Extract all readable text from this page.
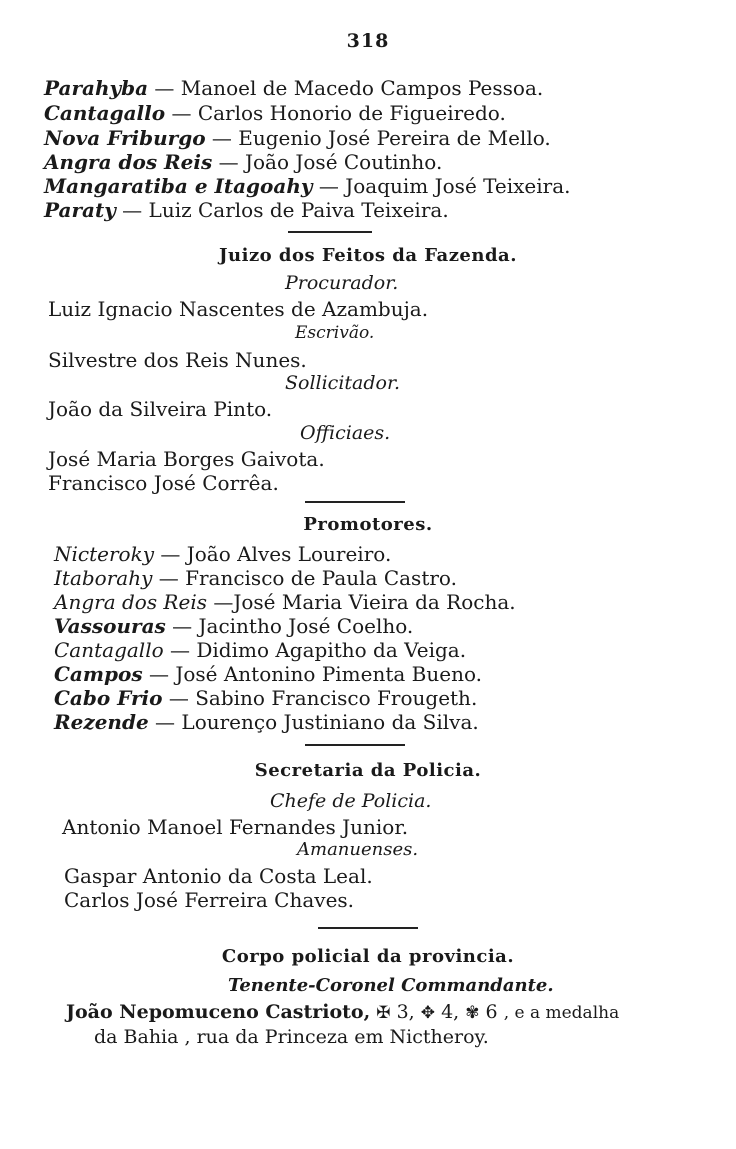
318
Parahyba — Manoel de Macedo Campos Pessoa.
Cantagallo — Carlos Honorio de Figueiredo.
Nova Friburgo — Eugenio José Pereira de Mello.
Angra dos Reis — João José Coutinho.
Mangaratiba e Itagoahy — Joaquim José Teixeira.
Paraty — Luiz Carlos de Paiva Teixeira.
Juizo dos Feitos da Fazenda.
Procurador.
Luiz Ignacio Nascentes de Azambuja.
Escrivão.
Silvestre dos Reis Nunes.
Sollicitador.
João da Silveira Pinto.
Officiaes.
José Maria Borges Gaivota.
Francisco José Corrêa.
Promotores.
Nicteroky — João Alves Loureiro.
Itaborahy — Francisco de Paula Castro.
Angra dos Reis —José Maria Vieira da Rocha.
Vassouras — Jacintho José Coelho.
Cantagallo — Didimo Agapitho da Veiga.
Campos — José Antonino Pimenta Bueno.
Cabo Frio — Sabino Francisco Frougeth.
Rezende — Lourenço Justiniano da Silva.
Secretaria da Policia.
Chefe de Policia.
Antonio Manoel Fernandes Junior.
Amanuenses.
Gaspar Antonio da Costa Leal.
Carlos José Ferreira Chaves.
Corpo policial da provincia.
Tenente-Coronel Commandante.
João Nepomuceno Castrioto, ✠ 3, ✥ 4, ✾ 6 , e a medalha
da Bahia , rua da Princeza em Nictheroy.
